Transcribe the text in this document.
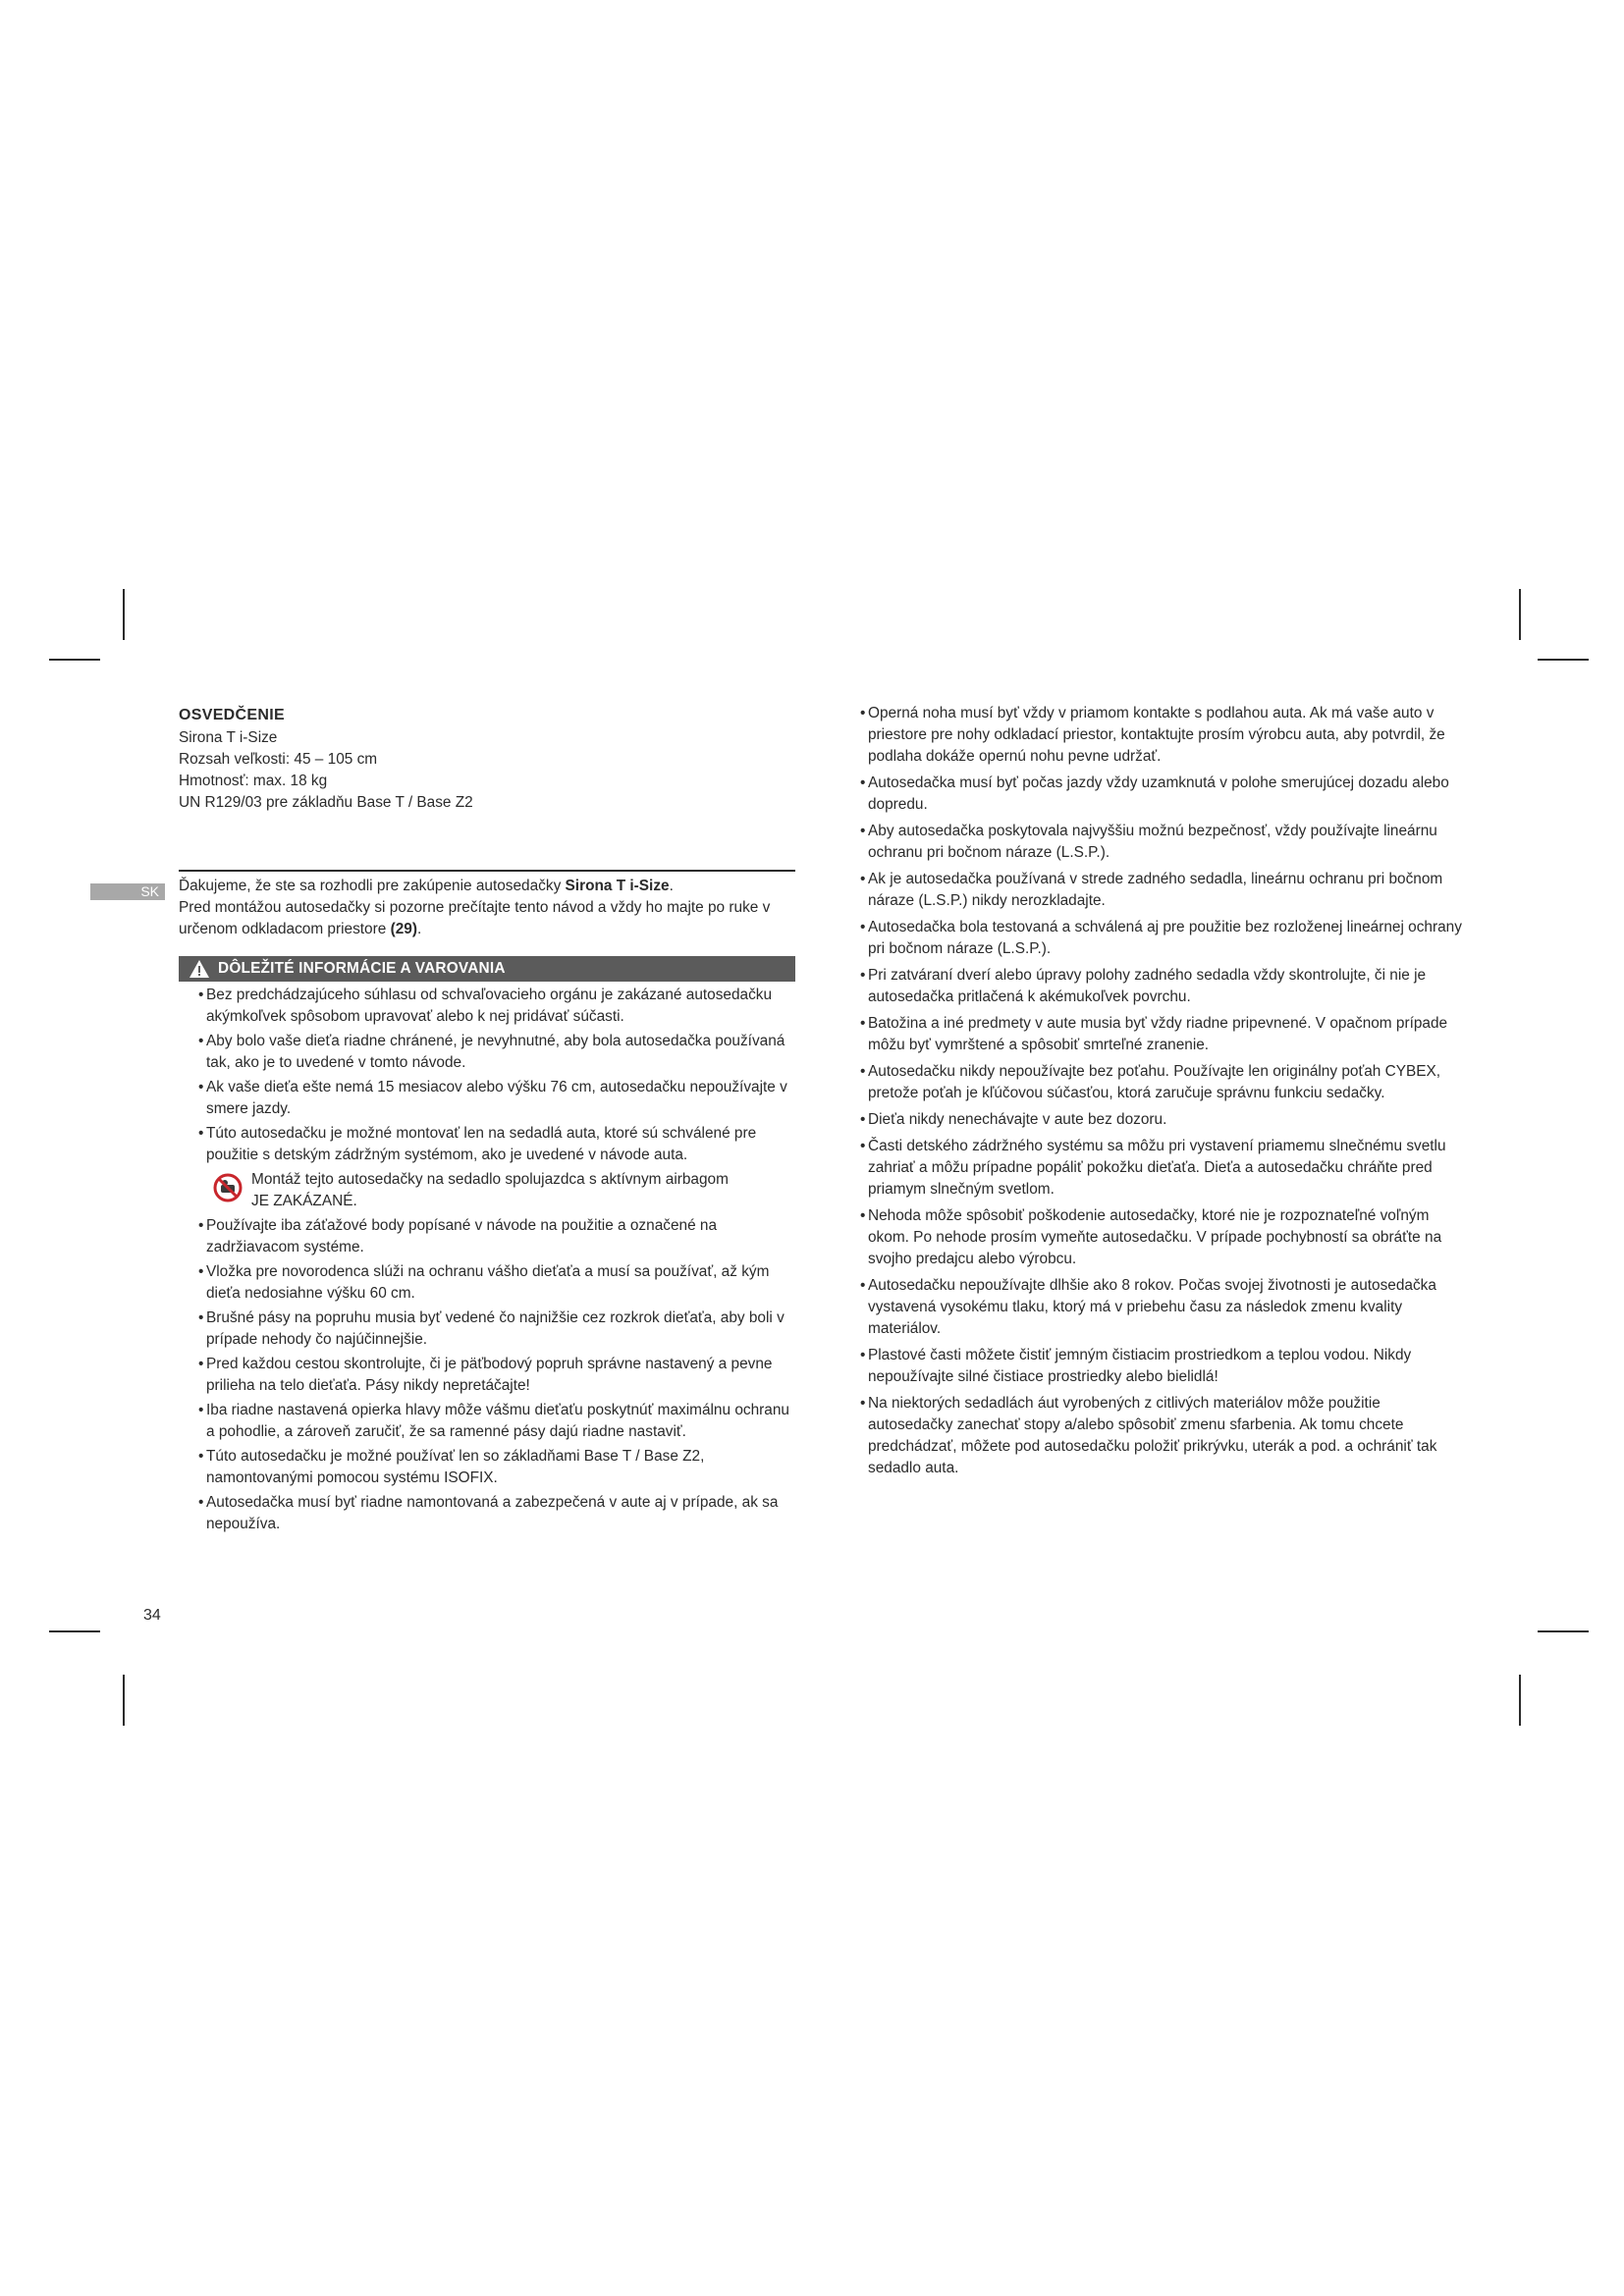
OSVEDČENIE
Sirona T i-Size
Rozsah veľkosti: 45 – 105 cm
Hmotnosť: max. 18 kg
UN R129/03 pre základňu Base T / Base Z2
SK	Ďakujeme, že ste sa rozhodli pre zakúpenie autosedačky Sirona T i-Size.
Pred montážou autosedačky si pozorne prečítajte tento návod a vždy ho majte po ruke v určenom odkladacom priestore (29).
DÔLEŽITÉ INFORMÁCIE A VAROVANIA
• Bez predchádzajúceho súhlasu od schvaľovacieho orgánu je zakázané autosedačku akýmkoľvek spôsobom upravovať alebo k nej pridávať súčasti.
• Aby bolo vaše dieťa riadne chránené, je nevyhnutné, aby bola autosedačka používaná tak, ako je to uvedené v tomto návode.
• Ak vaše dieťa ešte nemá 15 mesiacov alebo výšku 76 cm, autosedačku nepoužívajte v smere jazdy.
• Túto autosedačku je možné montovať len na sedadlá auta, ktoré sú schválené pre použitie s detským zádržným systémom, ako je uvedené v návode auta.
Montáž tejto autosedačky na sedadlo spolujazdca s aktívnym airbagom
JE ZAKÁZANÉ.
• Používajte iba záťažové body popísané v návode na použitie a označené na zadržiavacom systéme.
• Vložka pre novorodenca slúži na ochranu vášho dieťaťa a musí sa používať, až kým dieťa nedosiahne výšku 60 cm.
• Brušné pásy na popruhu musia byť vedené čo najnižšie cez rozkrok dieťaťa, aby boli v prípade nehody čo najúčinnejšie.
• Pred každou cestou skontrolujte, či je päťbodový popruh správne nastavený a pevne prilieha na telo dieťaťa. Pásy nikdy nepretáčajte!
• Iba riadne nastavená opierka hlavy môže vášmu dieťaťu poskytnúť maximálnu ochranu a pohodlie, a zároveň zaručiť, že sa ramenné pásy dajú riadne nastaviť.
• Túto autosedačku je možné používať len so základňami Base T / Base Z2, namontovanými pomocou systému ISOFIX.
• Autosedačka musí byť riadne namontovaná a zabezpečená v aute aj v prípade, ak sa nepoužíva.
• Operná noha musí byť vždy v priamom kontakte s podlahou auta. Ak má vaše auto v priestore pre nohy odkladací priestor, kontaktujte prosím výrobcu auta, aby potvrdil, že podlaha dokáže opernú nohu pevne udržať.
• Autosedačka musí byť počas jazdy vždy uzamknutá v polohe smerujúcej dozadu alebo dopredu.
• Aby autosedačka poskytovala najvyššiu možnú bezpečnosť, vždy používajte lineárnu ochranu pri bočnom náraze (L.S.P.).
• Ak je autosedačka používaná v strede zadného sedadla, lineárnu ochranu pri bočnom náraze (L.S.P.) nikdy nerozkladajte.
• Autosedačka bola testovaná a schválená aj pre použitie bez rozloženej lineárnej ochrany pri bočnom náraze (L.S.P.).
• Pri zatváraní dverí alebo úpravy polohy zadného sedadla vždy skontrolujte, či nie je autosedačka pritlačená k akémukoľvek povrchu.
• Batožina a iné predmety v aute musia byť vždy riadne pripevnené. V opačnom prípade môžu byť vymrštené a spôsobiť smrteľné zranenie.
• Autosedačku nikdy nepoužívajte bez poťahu. Používajte len originálny poťah CYBEX, pretože poťah je kľúčovou súčasťou, ktorá zaručuje správnu funkciu sedačky.
• Dieťa nikdy nenechávajte v aute bez dozoru.
• Časti detského zádržného systému sa môžu pri vystavení priamemu slnečnému svetlu zahriať a môžu prípadne popáliť pokožku dieťaťa. Dieťa a autosedačku chráňte pred priamym slnečným svetlom.
• Nehoda môže spôsobiť poškodenie autosedačky, ktoré nie je rozpoznateľné voľným okom. Po nehode prosím vymeňte autosedačku. V prípade pochybností sa obráťte na svojho predajcu alebo výrobcu.
• Autosedačku nepoužívajte dlhšie ako 8 rokov. Počas svojej životnosti je autosedačka vystavená vysokému tlaku, ktorý má v priebehu času za následok zmenu kvality materiálov.
• Plastové časti môžete čistiť jemným čistiacim prostriedkom a teplou vodou. Nikdy nepoužívajte silné čistiace prostriedky alebo bielidlá!
• Na niektorých sedadlách áut vyrobených z citlivých materiálov môže použitie autosedačky zanechať stopy a/alebo spôsobiť zmenu sfarbenia. Ak tomu chcete predchádzať, môžete pod autosedačku položiť prikrývku, uterák a pod. a ochrániť tak sedadlo auta.
34
